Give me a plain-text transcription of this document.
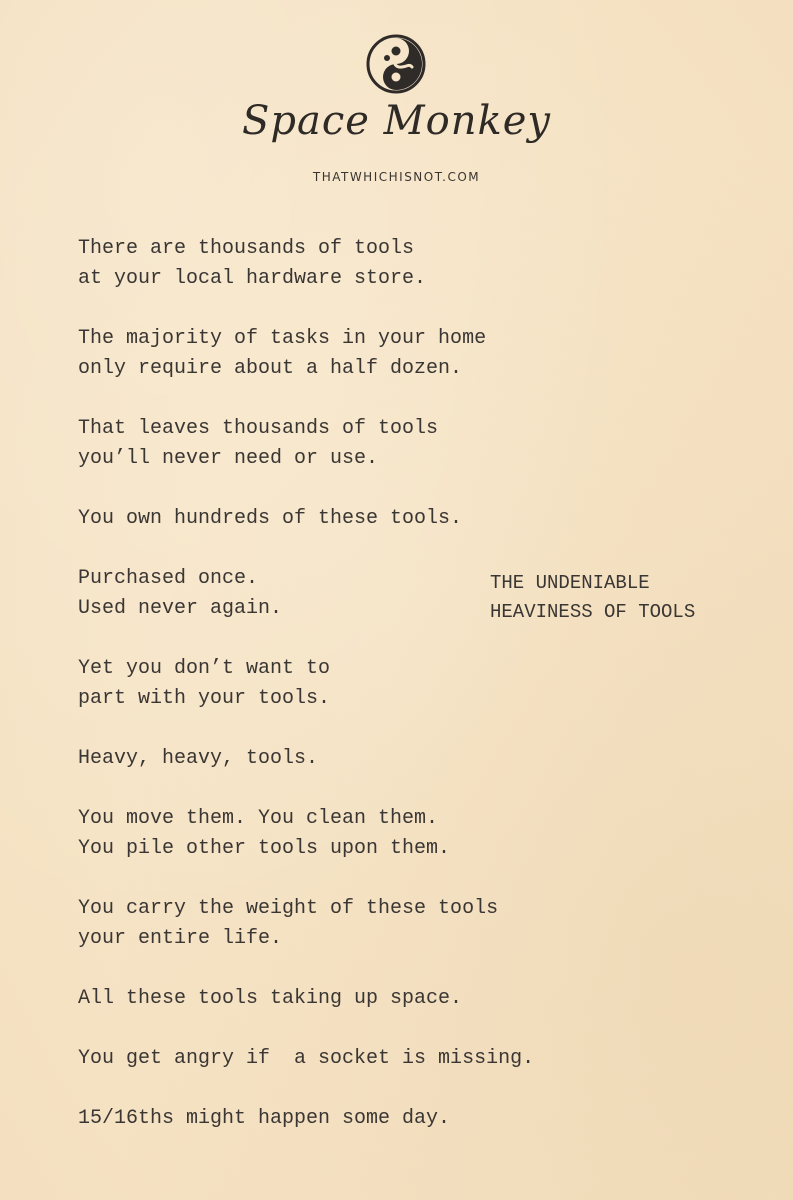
Space Monkey
THATWHICHISNOT.COM
There are thousands of tools
at your local hardware store.
The majority of tasks in your home
only require about a half dozen.
That leaves thousands of tools
you’ll never need or use.
You own hundreds of these tools.
Purchased once.
Used never again.
Yet you don’t want to
part with your tools.
Heavy, heavy, tools.
You move them. You clean them.
You pile other tools upon them.
You carry the weight of these tools
your entire life.
All these tools taking up space.
You get angry if  a socket is missing.
15/16ths might happen some day.
THE UNDENIABLE
HEAVINESS OF TOOLS
